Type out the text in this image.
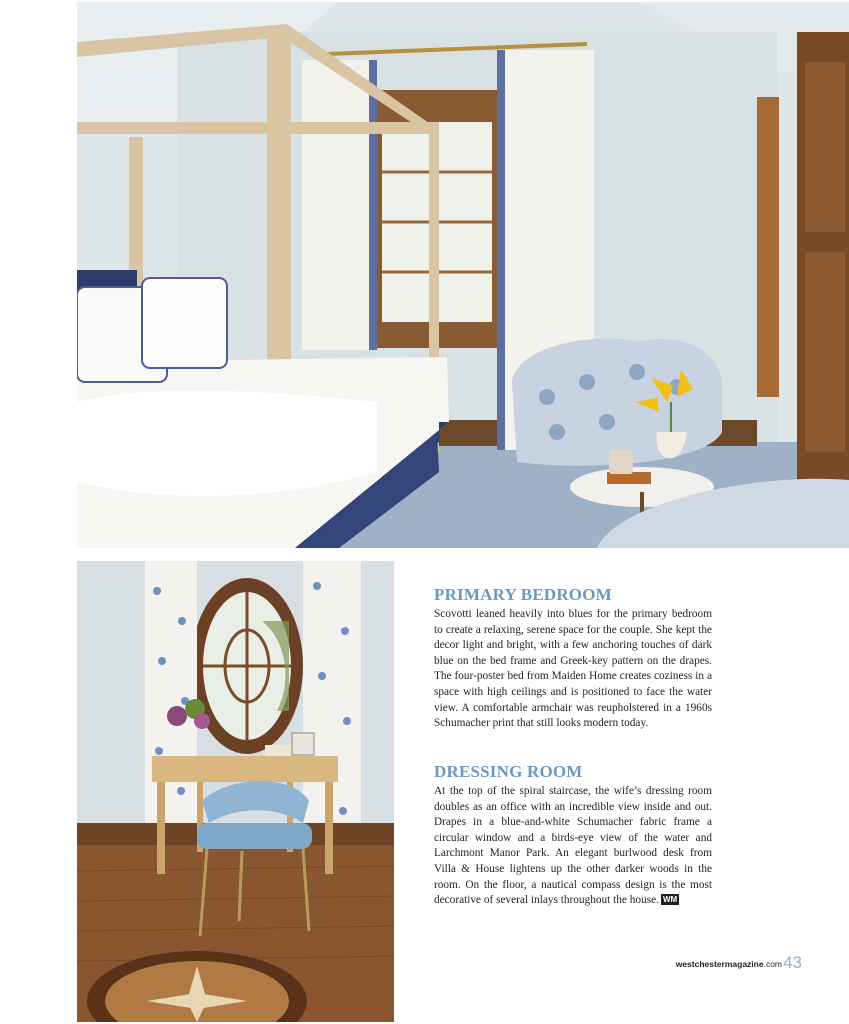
PRIMARY BEDROOM

Scovotti leaned heavily into blues for the primary bedroom to create a relaxing, serene space for the couple. She kept the decor light and bright, with a few anchoring touches of dark blue on the bed frame and Greek-key pattern on the drapes. The four-poster bed from Maiden Home creates coziness in a space with high ceilings and is positioned to face the water view. A comfortable armchair was reupholstered in a 1960s Schumacher print that still looks modern today.

DRESSING ROOM

At the top of the spiral staircase, the wife’s dressing room doubles as an office with an incredible view inside and out. Drapes in a blue-and-white Schumacher fabric frame a circular window and a birds-eye view of the water and Larchmont Manor Park. An elegant burlwood desk from Villa & House lightens up the other darker woods in the room. On the floor, a nautical compass design is the most decorative of several inlays throughout the house. WM

westchestermagazine.com 43
